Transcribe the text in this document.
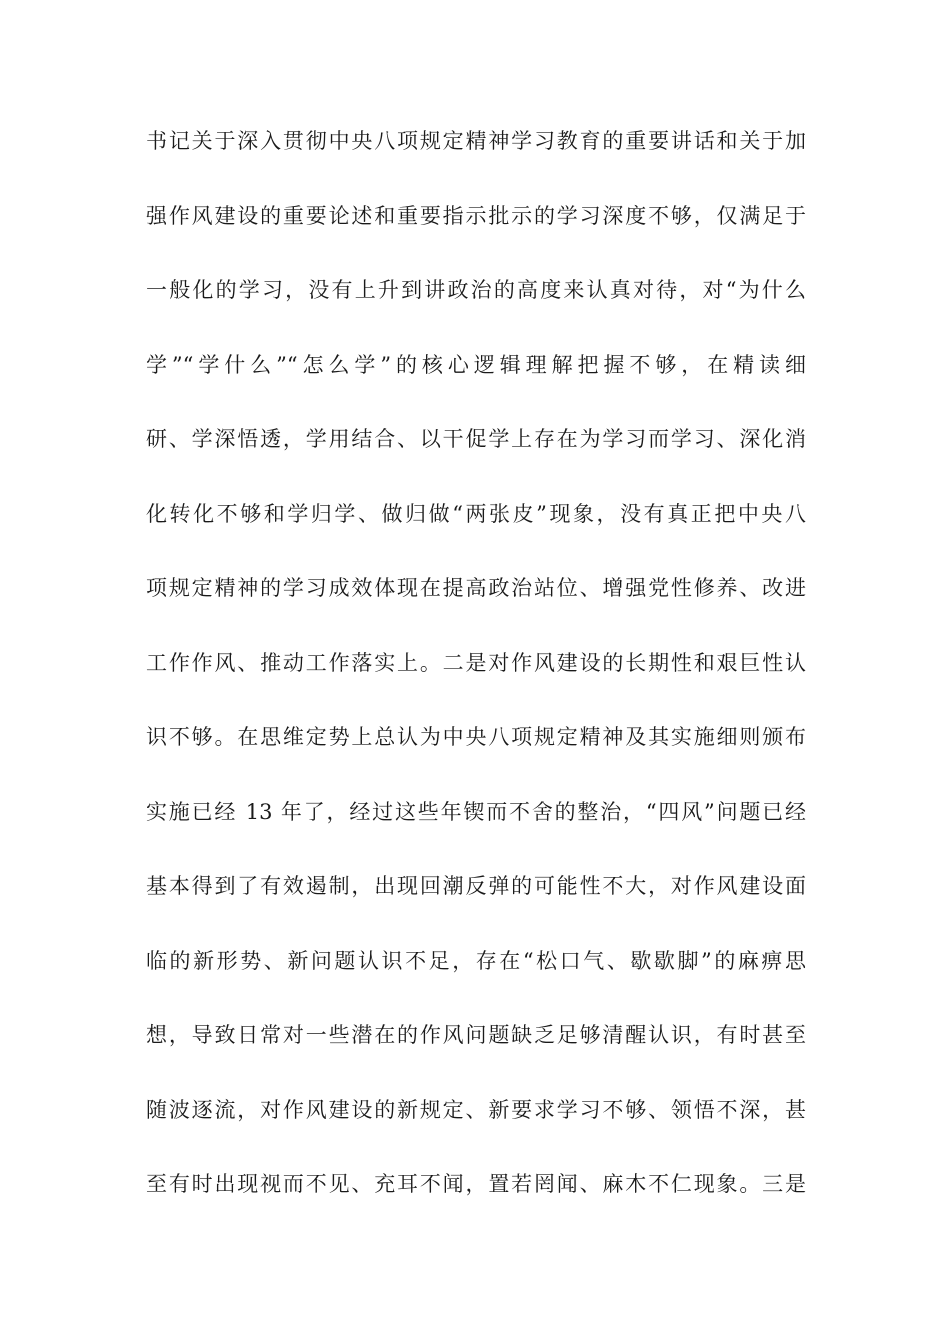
书记关于深入贯彻中央八项规定精神学习教育的重要讲话和关于加
强作风建设的重要论述和重要指示批示的学习深度不够，仅满足于
一般化的学习，没有上升到讲政治的高度来认真对待，对“为什么
学”“学什么”“怎么学”的核心逻辑理解把握不够，在精读细
研、学深悟透，学用结合、以干促学上存在为学习而学习、深化消
化转化不够和学归学、做归做“两张皮”现象，没有真正把中央八
项规定精神的学习成效体现在提高政治站位、增强党性修养、改进
工作作风、推动工作落实上。二是对作风建设的长期性和艰巨性认
识不够。在思维定势上总认为中央八项规定精神及其实施细则颁布
实施已经 13 年了，经过这些年锲而不舍的整治，“四风”问题已经
基本得到了有效遏制，出现回潮反弹的可能性不大，对作风建设面
临的新形势、新问题认识不足，存在“松口气、歇歇脚”的麻痹思
想，导致日常对一些潜在的作风问题缺乏足够清醒认识，有时甚至
随波逐流，对作风建设的新规定、新要求学习不够、领悟不深，甚
至有时出现视而不见、充耳不闻，置若罔闻、麻木不仁现象。三是
